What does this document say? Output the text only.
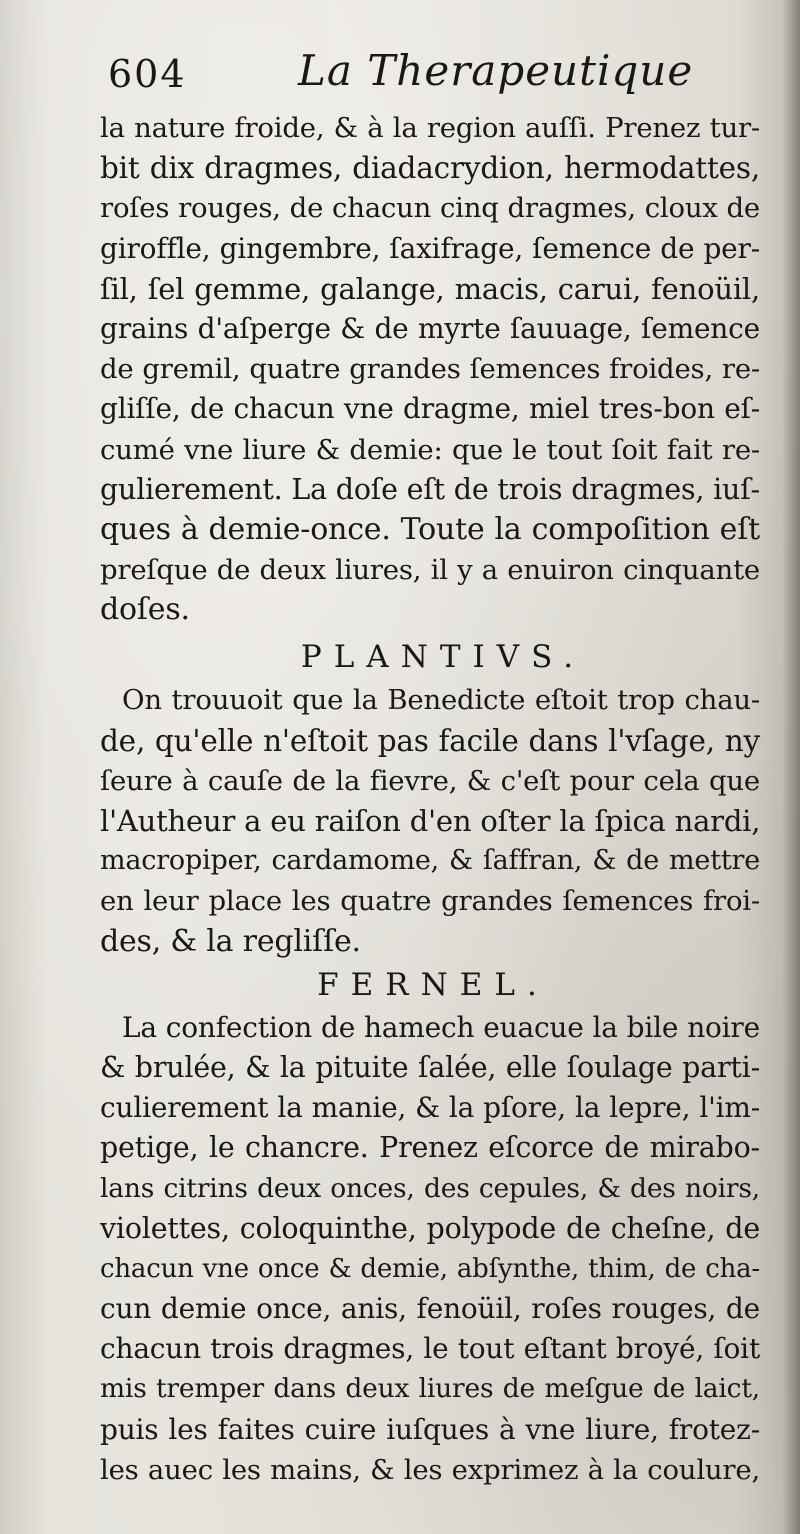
604	La Therapeutique
la nature froide, & à la region auſſi. Prenez tur-
bit dix dragmes, diadacrydion, hermodattes,
roſes rouges, de chacun cinq dragmes, cloux de
giroffle, gingembre, ſaxifrage, ſemence de per-
ſil, ſel gemme, galange, macis, carui, fenoüil,
grains d'aſperge & de myrte ſauuage, ſemence
de gremil, quatre grandes ſemences froides, re-
gliſſe, de chacun vne dragme, miel tres-bon eſ-
cumé vne liure & demie: que le tout ſoit fait re-
gulierement. La doſe eſt de trois dragmes, iuſ-
ques à demie-once. Toute la compoſition eſt
preſque de deux liures, il y a enuiron cinquante
doſes.
PLANTIVS.
On trouuoit que la Benedicte eſtoit trop chau-
de, qu'elle n'eſtoit pas facile dans l'vſage, ny
ſeure à cauſe de la fievre, & c'eſt pour cela que
l'Autheur a eu raiſon d'en oſter la ſpica nardi,
macropiper, cardamome, & ſaffran, & de mettre
en leur place les quatre grandes ſemences froi-
des, & la regliſſe.
FERNEL.
La confection de hamech euacue la bile noire
& brulée, & la pituite ſalée, elle ſoulage parti-
culierement la manie, & la pſore, la lepre, l'im-
petige, le chancre. Prenez eſcorce de mirabo-
lans citrins deux onces, des cepules, & des noirs,
violettes, coloquinthe, polypode de cheſne, de
chacun vne once & demie, abſynthe, thim, de cha-
cun demie once, anis, fenoüil, roſes rouges, de
chacun trois dragmes, le tout eſtant broyé, ſoit
mis tremper dans deux liures de meſgue de laict,
puis les faites cuire iuſques à vne liure, frotez-
les auec les mains, & les exprimez à la coulure,
